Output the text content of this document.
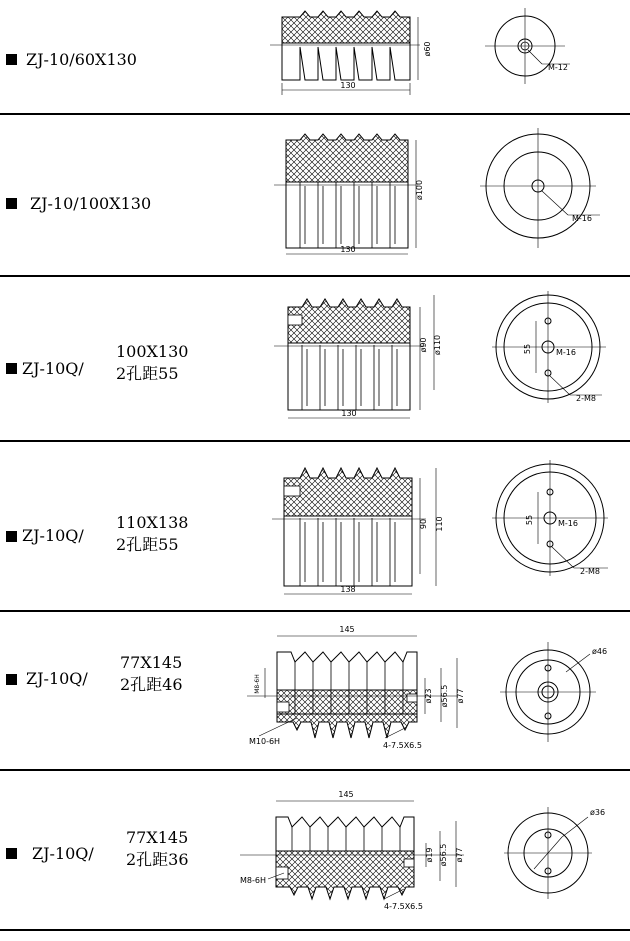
ZJ-10/60X130
130
ø60
M-12
ZJ-10/100X130
130
ø100
M-16
ZJ-10Q/
100X130
2孔距55
130
ø90 ø110	55	M-16
2-M8
ZJ-10Q/
110X138
2孔距55
138
90 110	55	M-16
2-M8
ZJ-10Q/
77X145
2孔距46
145
ø23 ø56.5 ø77
M8-6H
M10-6H	4-7.5X6.5
ø46
ZJ-10Q/
77X145
2孔距36
145
ø19 ø56.5 ø77
M8-6H
4-7.5X6.5
ø36
